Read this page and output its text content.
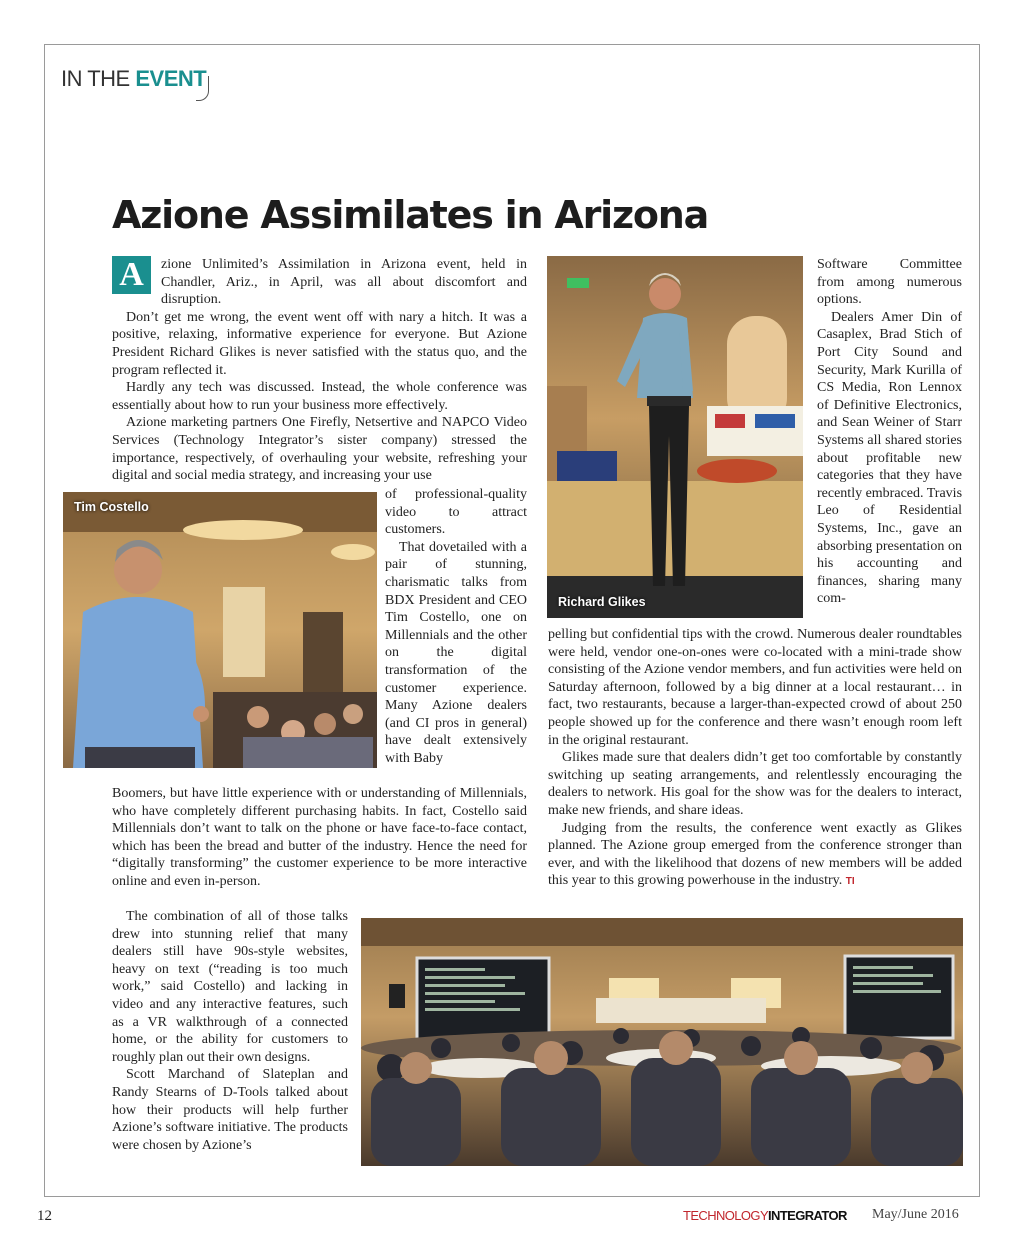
IN THE EVENT
Azione Assimilates in Arizona
A	zione Unlimited’s Assimilation in Arizona event, held in Chandler, Ariz., in April, was all about discomfort and disruption.

Don’t get me wrong, the event went off with nary a hitch. It was a positive, relaxing, informative experience for everyone. But Azione President Richard Glikes is never satisfied with the status quo, and the program reflected it.

Hardly any tech was discussed. Instead, the whole conference was essentially about how to run your business more effectively.

Azione marketing partners One Firefly, Netsertive and NAPCO Video Services (Technology Integrator’s sister company) stressed the importance, respectively, of overhauling your website, refreshing your digital and social media strategy, and increasing your use

Tim Costello

of professional-quality video to attract customers.

That dovetailed with a pair of stunning, charismatic talks from BDX President and CEO Tim Costello, one on Millennials and the other on the digital transformation of the customer experience. Many Azione dealers (and CI pros in general) have dealt extensively with Baby

Boomers, but have little experience with or understanding of Millennials, who have completely different purchasing habits. In fact, Costello said Millennials don’t want to talk on the phone or have face-to-face contact, which has been the bread and butter of the industry. Hence the need for “digitally transforming” the customer experience to be more interactive online and even in-person.

The combination of all of those talks drew into stunning relief that many dealers still have 90s-style websites, heavy on text (“reading is too much work,” said Costello) and lacking in video and any interactive features, such as a VR walkthrough of a connected home, or the ability for customers to roughly plan out their own designs.

Scott Marchand of Slateplan and Randy Stearns of D-Tools talked about how their products will help further Azione’s software initiative. The products were chosen by Azione’s

Richard Glikes

Software Committee from among numerous options.

Dealers Amer Din of Casaplex, Brad Stich of Port City Sound and Security, Mark Kurilla of CS Media, Ron Lennox of Definitive Electronics, and Sean Weiner of Starr Systems all shared stories about profitable new categories that they have recently embraced. Travis Leo of Residential Systems, Inc., gave an absorbing presentation on his accounting and finances, sharing many com-

pelling but confidential tips with the crowd. Numerous dealer roundtables were held, vendor one-on-ones were co-located with a mini-trade show consisting of the Azione vendor members, and fun activities were held on Saturday afternoon, followed by a big dinner at a local restaurant… in fact, two restaurants, because a larger-than-expected crowd of about 250 people showed up for the conference and there wasn’t enough room left in the original restaurant.

Glikes made sure that dealers didn’t get too comfortable by constantly switching up seating arrangements, and relentlessly encouraging the dealers to network. His goal for the show was for the dealers to interact, make new friends, and share ideas.

Judging from the results, the conference went exactly as Glikes planned. The Azione group emerged from the conference stronger than ever, and with the likelihood that dozens of new members will be added this year to this growing powerhouse in the industry. TI

12	TECHNOLOGYINTEGRATOR May/June 2016
